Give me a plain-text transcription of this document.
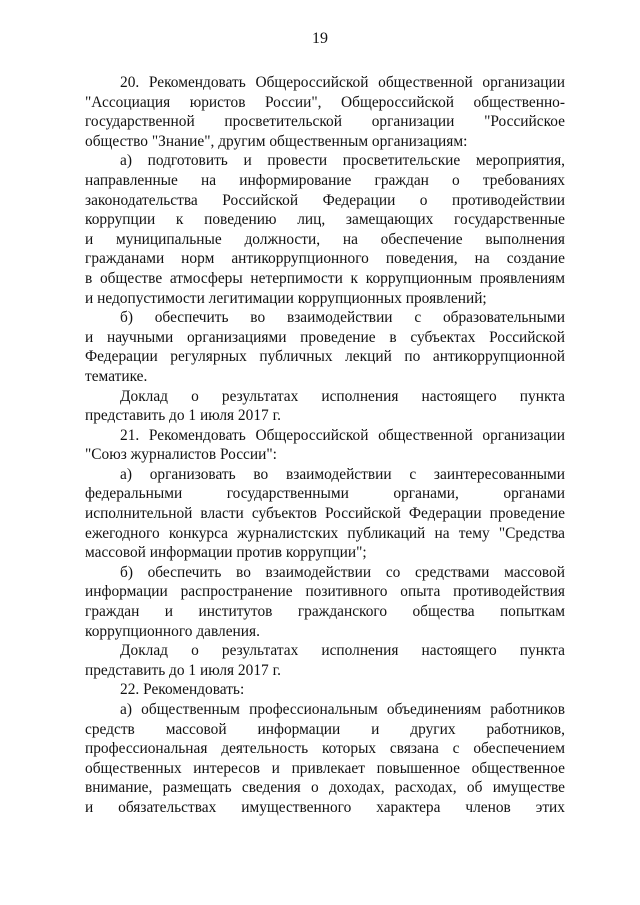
19
20. Рекомендовать Общероссийской общественной организации
"Ассоциация юристов России", Общероссийской общественно-
государственной просветительской организации "Российское
общество "Знание", другим общественным организациям:
а) подготовить и провести просветительские мероприятия,
направленные на информирование граждан о требованиях
законодательства Российской Федерации о противодействии
коррупции к поведению лиц, замещающих государственные
и муниципальные должности, на обеспечение выполнения
гражданами норм антикоррупционного поведения, на создание
в обществе атмосферы нетерпимости к коррупционным проявлениям
и недопустимости легитимации коррупционных проявлений;
б) обеспечить во взаимодействии с образовательными
и научными организациями проведение в субъектах Российской
Федерации регулярных публичных лекций по антикоррупционной
тематике.
Доклад о результатах исполнения настоящего пункта
представить до 1 июля 2017 г.
21. Рекомендовать Общероссийской общественной организации
"Союз журналистов России":
а) организовать во взаимодействии с заинтересованными
федеральными государственными органами, органами
исполнительной власти субъектов Российской Федерации проведение
ежегодного конкурса журналистских публикаций на тему "Средства
массовой информации против коррупции";
б) обеспечить во взаимодействии со средствами массовой
информации распространение позитивного опыта противодействия
граждан и институтов гражданского общества попыткам
коррупционного давления.
Доклад о результатах исполнения настоящего пункта
представить до 1 июля 2017 г.
22. Рекомендовать:
а) общественным профессиональным объединениям работников
средств массовой информации и других работников,
профессиональная деятельность которых связана с обеспечением
общественных интересов и привлекает повышенное общественное
внимание, размещать сведения о доходах, расходах, об имуществе
и обязательствах имущественного характера членов этих
